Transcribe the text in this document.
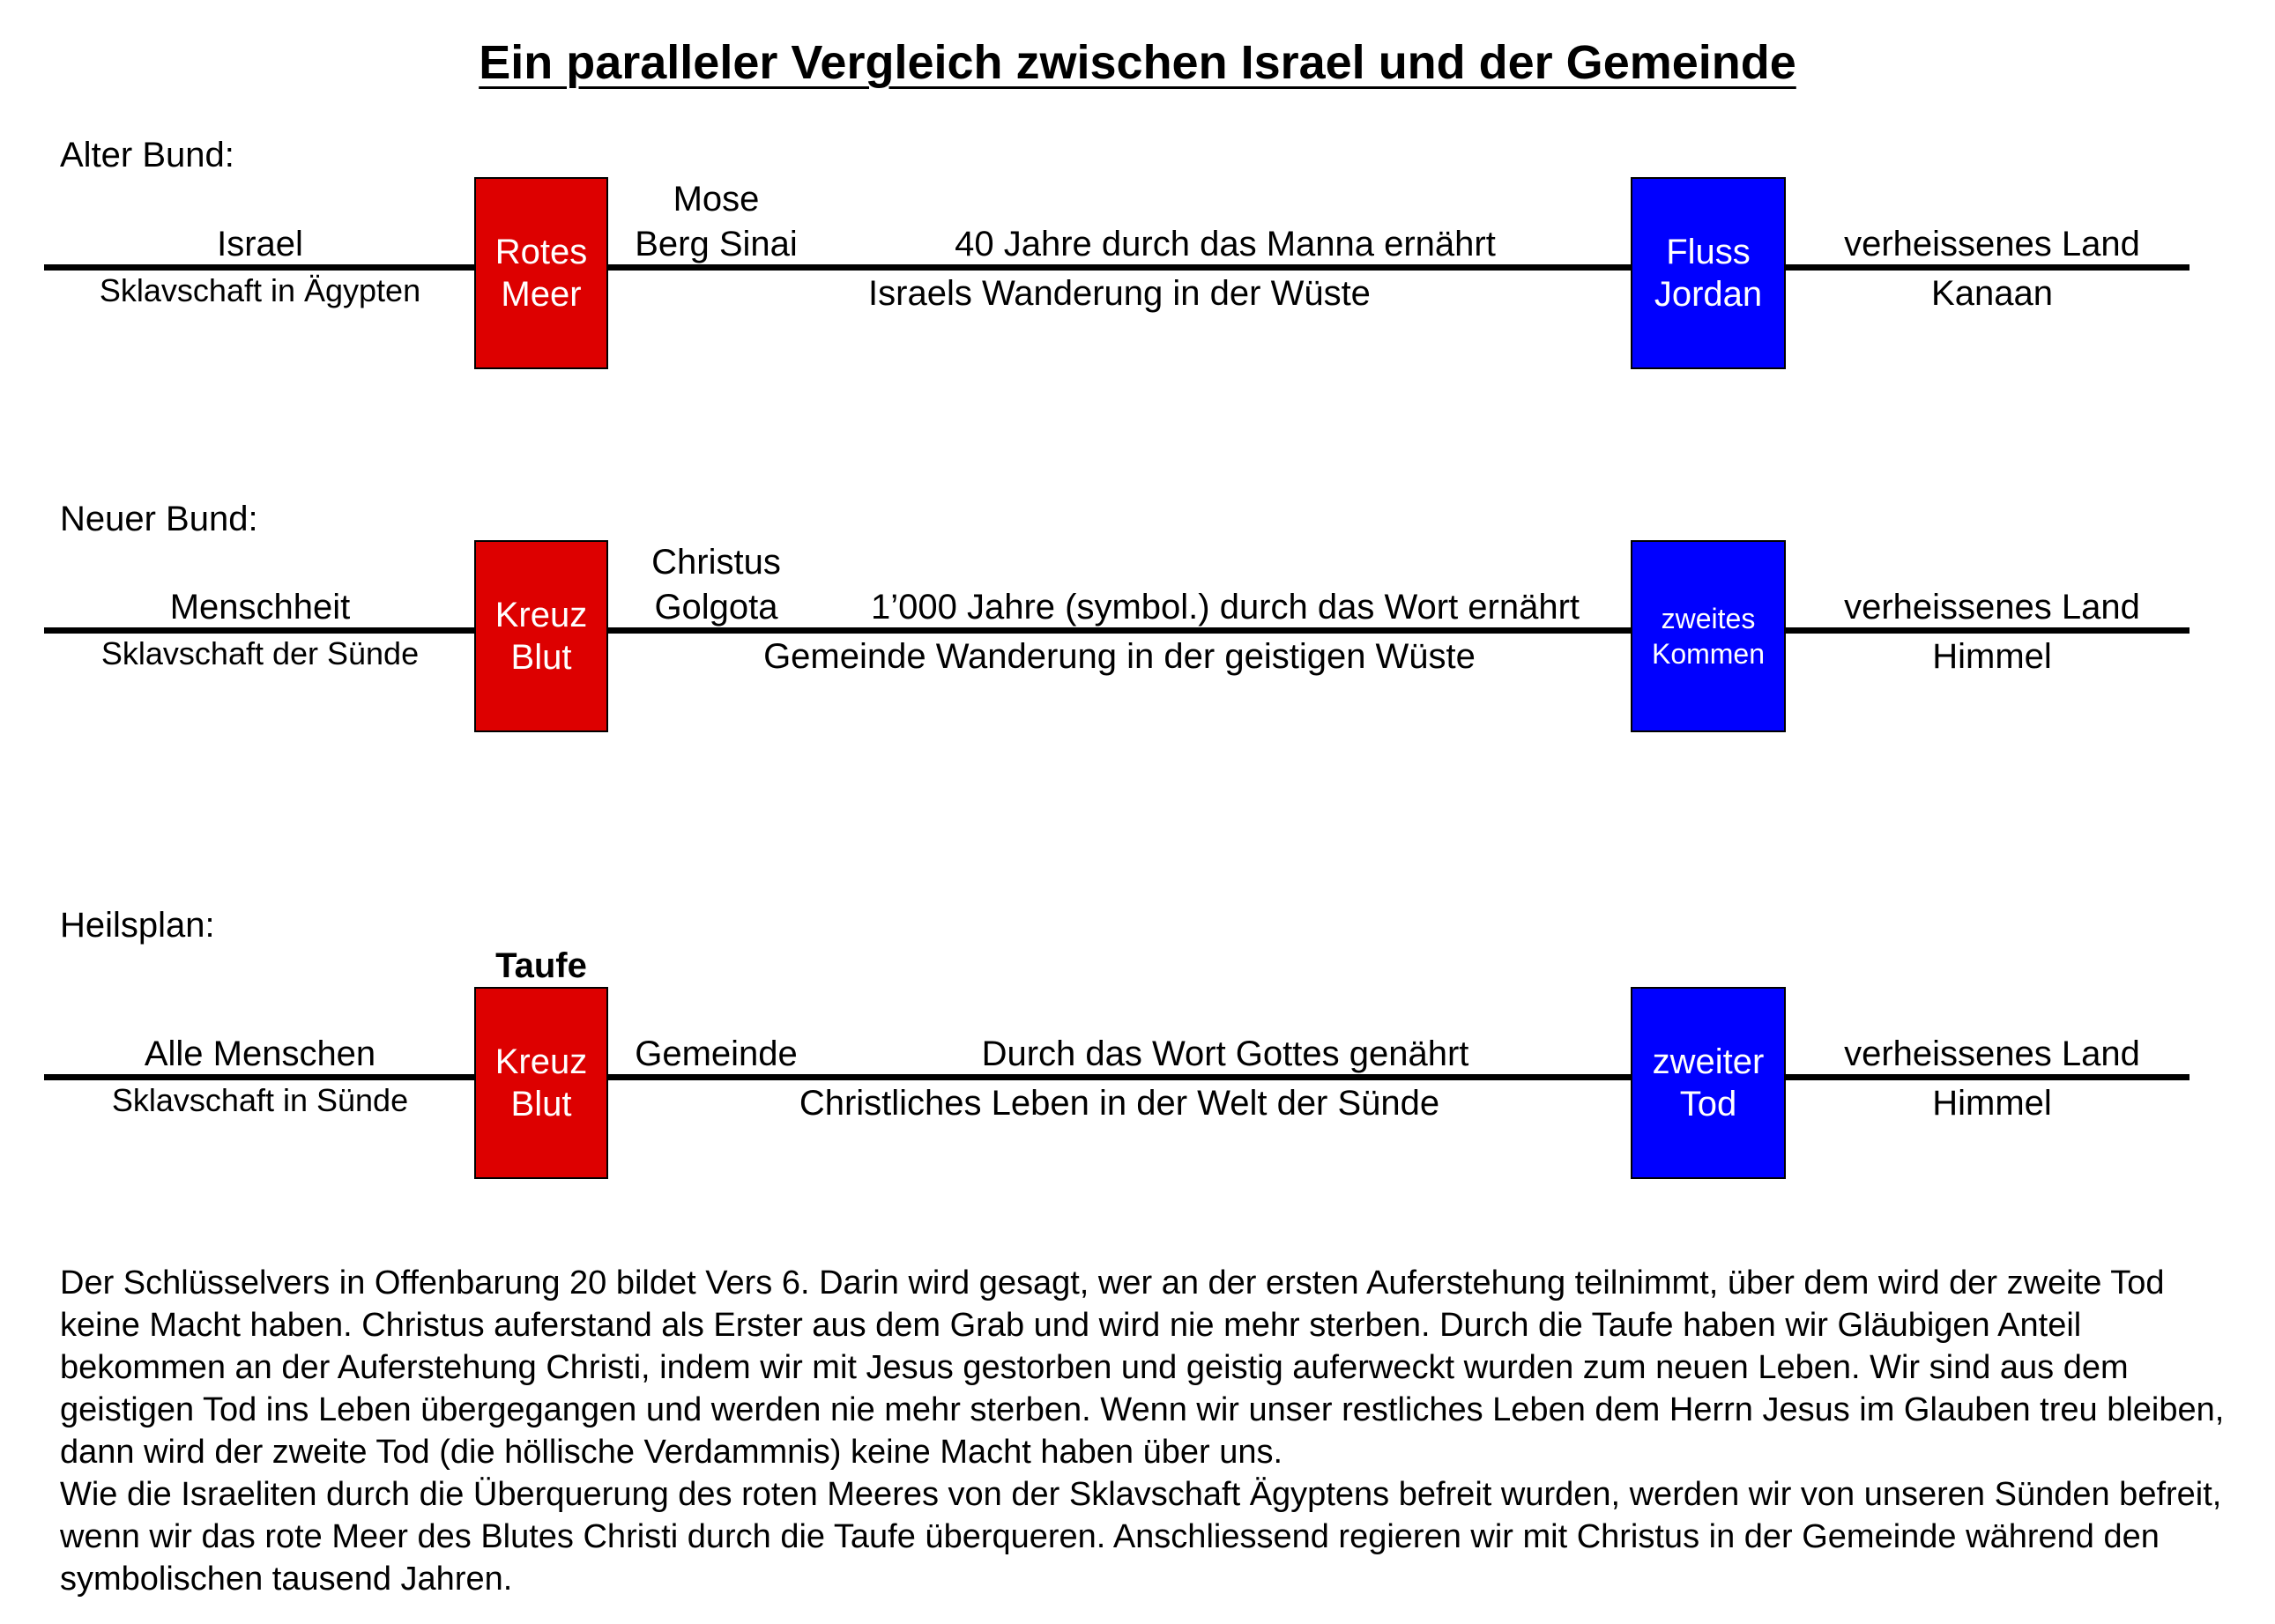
Ein paralleler Vergleich zwischen Israel und der Gemeinde
Alter Bund:
Israel
Sklavschaft in Ägypten
Rotes
Meer
Mose
Berg Sinai	40 Jahre durch das Manna ernährt
Israels Wanderung in der Wüste
Fluss
Jordan
verheissenes Land
Kanaan
Neuer Bund:
Menschheit
Sklavschaft der Sünde
Kreuz
Blut
Christus
Golgota	1’000 Jahre (symbol.) durch das Wort ernährt
Gemeinde Wanderung in der geistigen Wüste
zweites
Kommen
verheissenes Land
Himmel
Heilsplan:
Taufe
Alle Menschen
Sklavschaft in Sünde
Kreuz
Blut
Gemeinde	Durch das Wort Gottes genährt
Christliches Leben in der Welt der Sünde
zweiter
Tod
verheissenes Land
Himmel

Der Schlüsselvers in Offenbarung 20 bildet Vers 6. Darin wird gesagt, wer an der ersten Auferstehung teilnimmt, über dem wird der zweite Tod keine Macht haben. Christus auferstand als Erster aus dem Grab und wird nie mehr sterben. Durch die Taufe haben wir Gläubigen Anteil bekommen an der Auferstehung Christi, indem wir mit Jesus gestorben und geistig auferweckt wurden zum neuen Leben. Wir sind aus dem geistigen Tod ins Leben übergegangen und werden nie mehr sterben. Wenn wir unser restliches Leben dem Herrn Jesus im Glauben treu bleiben, dann wird der zweite Tod (die höllische Verdammnis) keine Macht haben über uns.

Wie die Israeliten durch die Überquerung des roten Meeres von der Sklavschaft Ägyptens befreit wurden, werden wir von unseren Sünden befreit, wenn wir das rote Meer des Blutes Christi durch die Taufe überqueren. Anschliessend regieren wir mit Christus in der Gemeinde während den symbolischen tausend Jahren.
